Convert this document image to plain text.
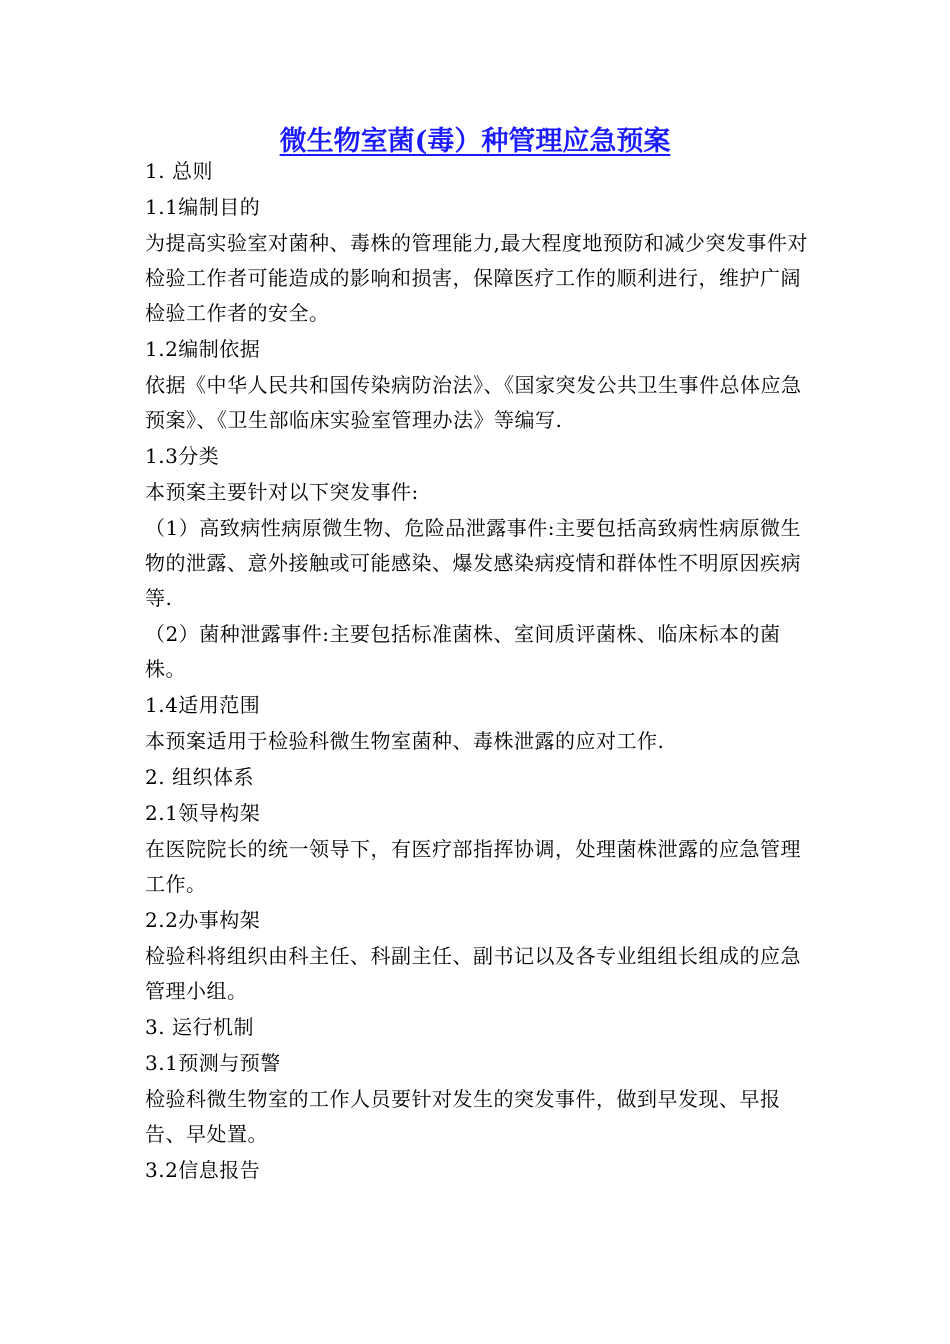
微生物室菌(毒）种管理应急预案
1. 总则
1.1编制目的
为提高实验室对菌种、毒株的管理能力,最大程度地预防和减少突发事件对检验工作者可能造成的影响和损害，保障医疗工作的顺利进行，维护广阔检验工作者的安全。
1.2编制依据
依据《中华人民共和国传染病防治法》、《国家突发公共卫生事件总体应急预案》、《卫生部临床实验室管理办法》等编写.
1.3分类
本预案主要针对以下突发事件:
（1）高致病性病原微生物、危险品泄露事件:主要包括高致病性病原微生物的泄露、意外接触或可能感染、爆发感染病疫情和群体性不明原因疾病等.
（2）菌种泄露事件:主要包括标准菌株、室间质评菌株、临床标本的菌株。
1.4适用范围
本预案适用于检验科微生物室菌种、毒株泄露的应对工作.
2. 组织体系
2.1领导构架
在医院院长的统一领导下，有医疗部指挥协调，处理菌株泄露的应急管理工作。
2.2办事构架
检验科将组织由科主任、科副主任、副书记以及各专业组组长组成的应急管理小组。
3. 运行机制
3.1预测与预警
检验科微生物室的工作人员要针对发生的突发事件，做到早发现、早报告、早处置。
3.2信息报告
